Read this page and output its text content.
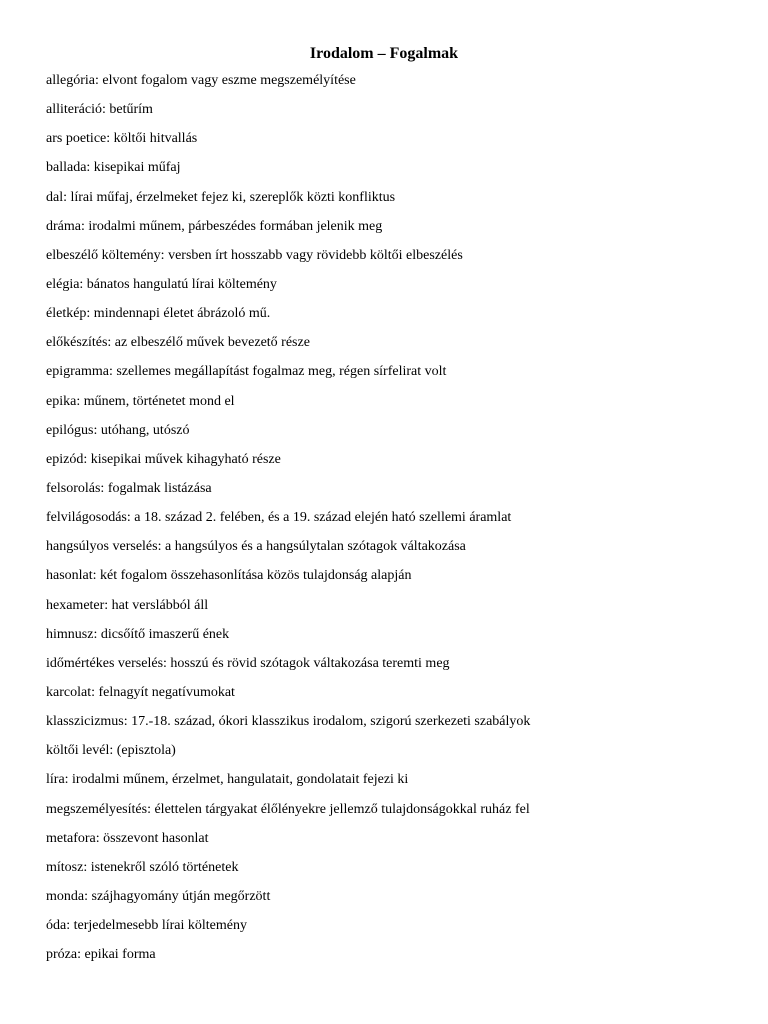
Irodalom – Fogalmak
allegória: elvont fogalom vagy eszme megszemélyítése
alliteráció: betűrím
ars poetice: költői hitvallás
ballada: kisepikai műfaj
dal: lírai műfaj, érzelmeket fejez ki, szereplők közti konfliktus
dráma: irodalmi műnem, párbeszédes formában jelenik meg
elbeszélő költemény: versben írt hosszabb vagy rövidebb költői elbeszélés
elégia: bánatos hangulatú lírai költemény
életkép: mindennapi életet ábrázoló mű.
előkészítés: az elbeszélő művek bevezető része
epigramma: szellemes megállapítást fogalmaz meg, régen sírfelirat volt
epika: műnem, történetet mond el
epilógus: utóhang, utószó
epizód: kisepikai művek kihagyható része
felsorolás: fogalmak listázása
felvilágosodás: a 18. század 2. felében, és a 19. század elején ható szellemi áramlat
hangsúlyos verselés: a hangsúlyos és a hangsúlytalan szótagok váltakozása
hasonlat: két fogalom összehasonlítása közös tulajdonság alapján
hexameter: hat verslábból áll
himnusz: dicsőítő imaszerű ének
időmértékes verselés: hosszú és rövid szótagok váltakozása teremti meg
karcolat: felnagyít negatívumokat
klasszicizmus: 17.-18. század, ókori klasszikus irodalom, szigorú szerkezeti szabályok
költői levél: (episztola)
líra: irodalmi műnem, érzelmet, hangulatait, gondolatait fejezi ki
megszemélyesítés: élettelen tárgyakat élőlényekre jellemző tulajdonságokkal ruház fel
metafora: összevont hasonlat
mítosz: istenekről szóló történetek
monda: szájhagyomány útján megőrzött
óda: terjedelmesebb lírai költemény
próza: epikai forma
